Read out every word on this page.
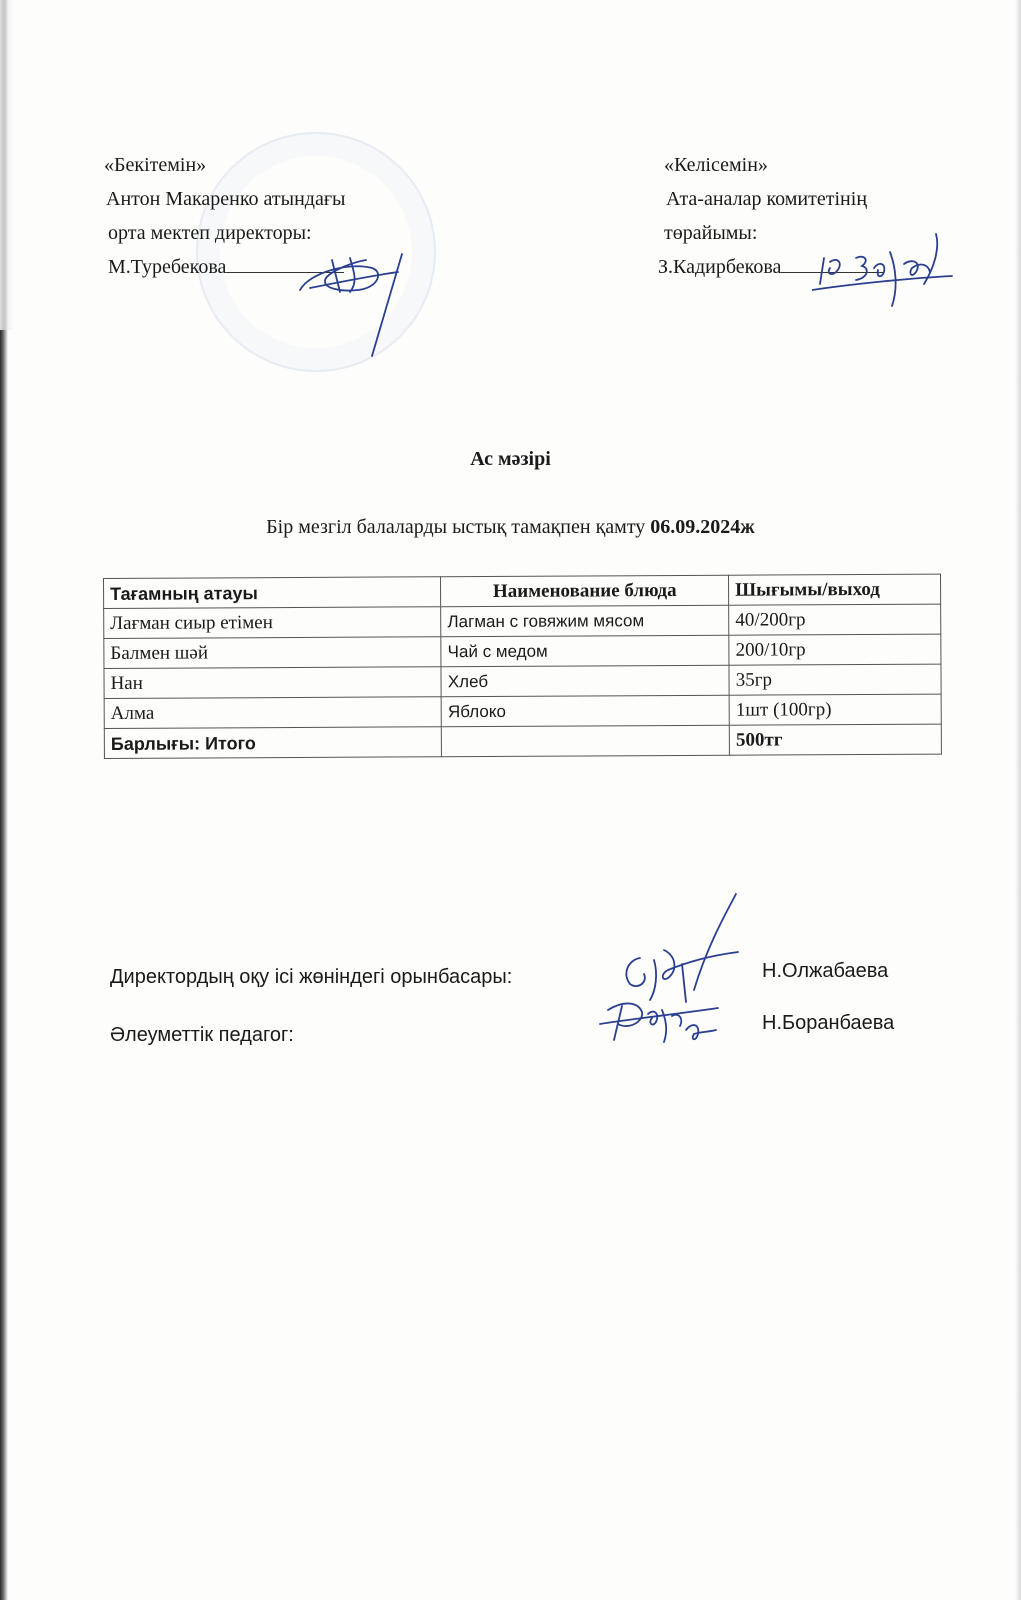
«Бекітемін»
Антон Макаренко атындағы
орта мектеп директоры:
М.Туребекова
«Келісемін»
Ата-аналар комитетінің
төрайымы:
З.Кадирбекова
Ас мәзірі
Бір мезгіл балаларды ыстық тамақпен қамту 06.09.2024ж
Тағамның атауы	Наименование блюда	Шығымы/выход
Лағман сиыр етімен	Лагман с говяжим мясом	40/200гр
Балмен шәй	Чай с медом	200/10гр
Нан	Хлеб	35гр
Алма	Яблоко	1шт (100гр)
Барлығы: Итого		500тг
Директордың оқу ісі жөніндегі орынбасары:	Н.Олжабаева
Әлеуметтік педагог:
Н.Боранбаева
